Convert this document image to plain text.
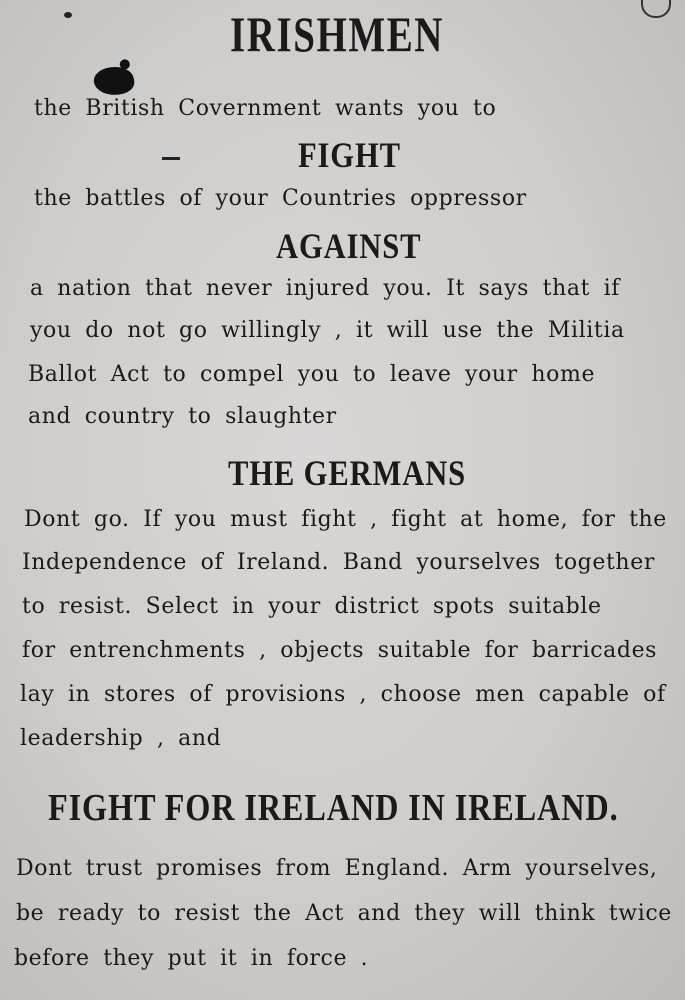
IRISHMEN
the British Covernment wants you to
FIGHT
the battles of your Countries oppressor
AGAINST
a nation that never injured you. It says that if
you do not go willingly , it will use the Militia
Ballot Act to compel you to leave your home
and country to slaughter
THE GERMANS
Dont go. If you must fight , fight at home, for the
Independence of Ireland. Band yourselves together
to resist. Select in your district spots suitable
for entrenchments , objects suitable for barricades
lay in stores of provisions , choose men capable of
leadership , and
FIGHT FOR IRELAND IN IRELAND.
Dont trust promises from England. Arm yourselves,
be ready to resist the Act and they will think twice
before they put it in force .
